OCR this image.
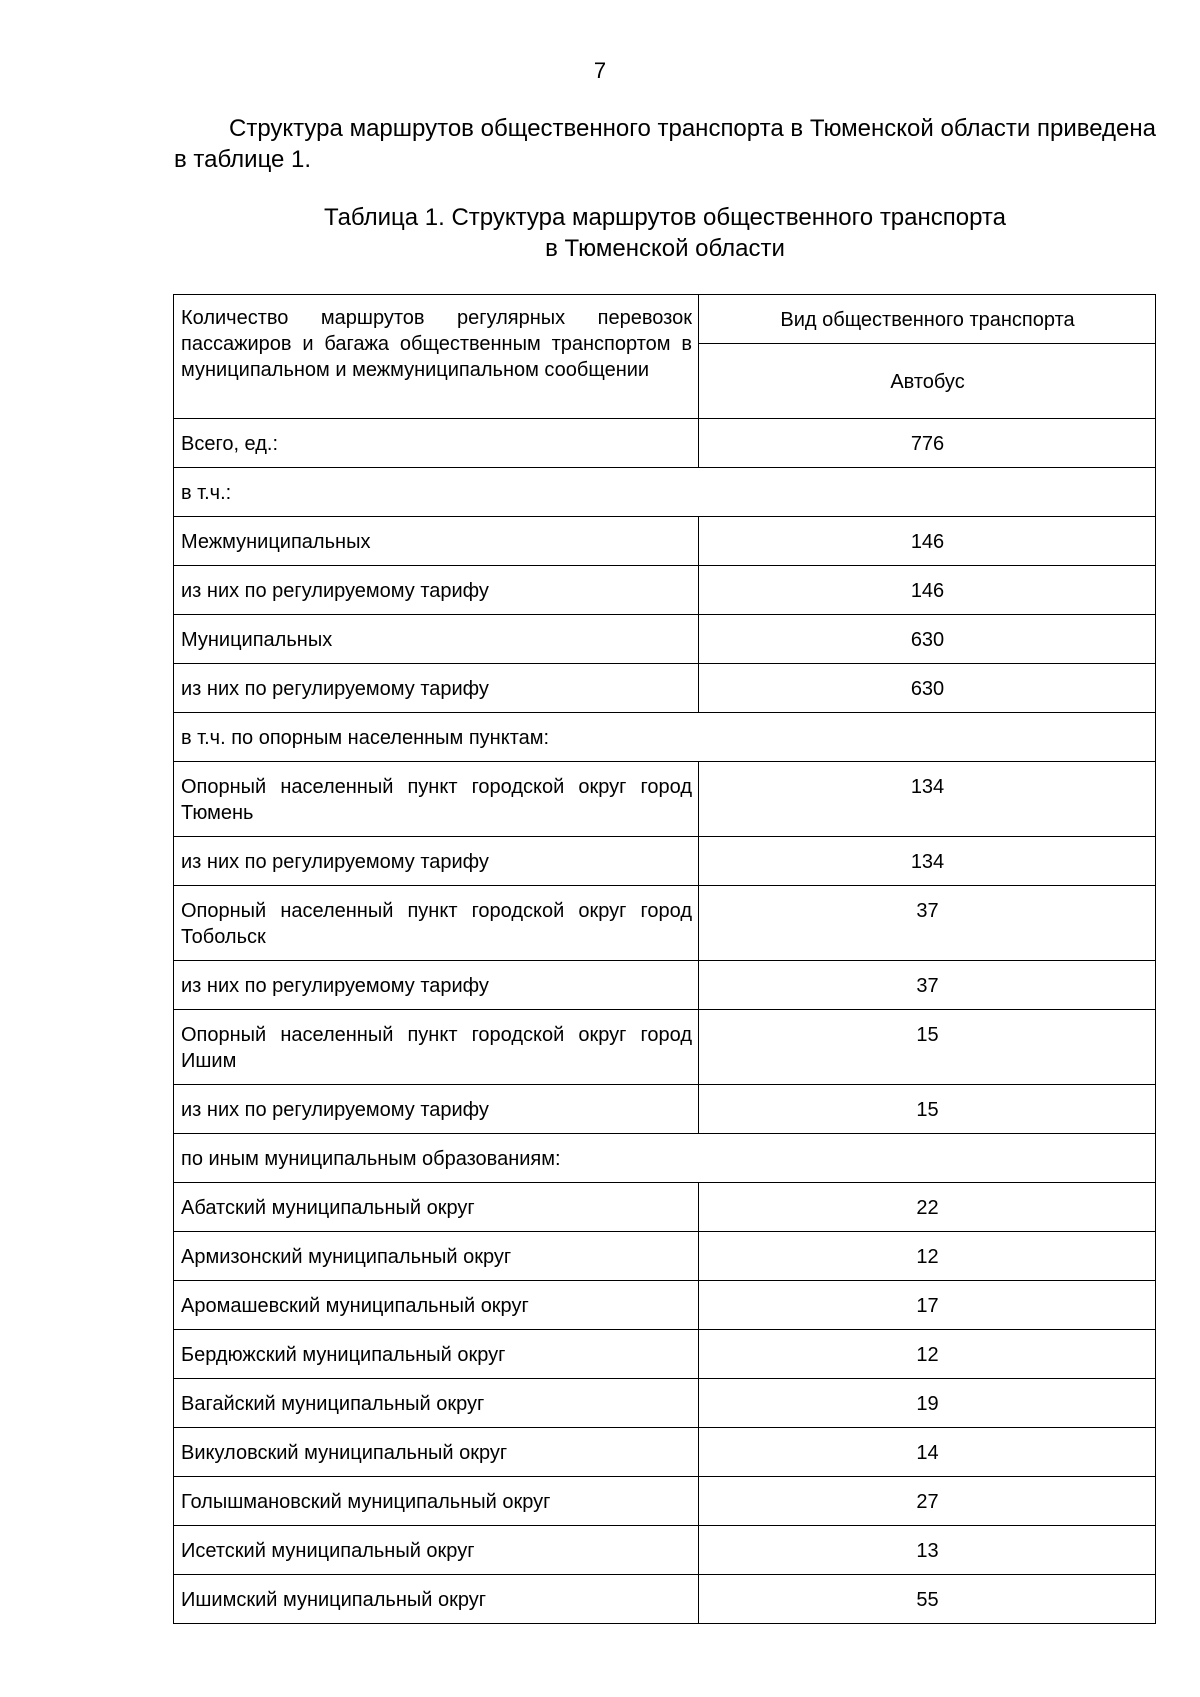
7

Структура маршрутов общественного транспорта в Тюменской области приведена в таблице 1.

Таблица 1. Структура маршрутов общественного транспорта
в Тюменской области
Количество маршрутов регулярных перевозок пассажиров и багажа общественным транспортом в муниципальном и межмуниципальном сообщении	Вид общественного транспорта
	Автобус
Всего, ед.:	776
в т.ч.:	
Межмуниципальных	146
из них по регулируемому тарифу	146
Муниципальных	630
из них по регулируемому тарифу	630
в т.ч. по опорным населенным пунктам:	
Опорный населенный пункт городской округ город Тюмень	134
из них по регулируемому тарифу	134
Опорный населенный пункт городской округ город Тобольск	37
из них по регулируемому тарифу	37
Опорный населенный пункт городской округ город Ишим	15
из них по регулируемому тарифу	15
по иным муниципальным образованиям:	
Абатский муниципальный округ	22
Армизонский муниципальный округ	12
Аромашевский муниципальный округ	17
Бердюжский муниципальный округ	12
Вагайский муниципальный округ	19
Викуловский муниципальный округ	14
Голышмановский муниципальный округ	27
Исетский муниципальный округ	13
Ишимский муниципальный округ	55
